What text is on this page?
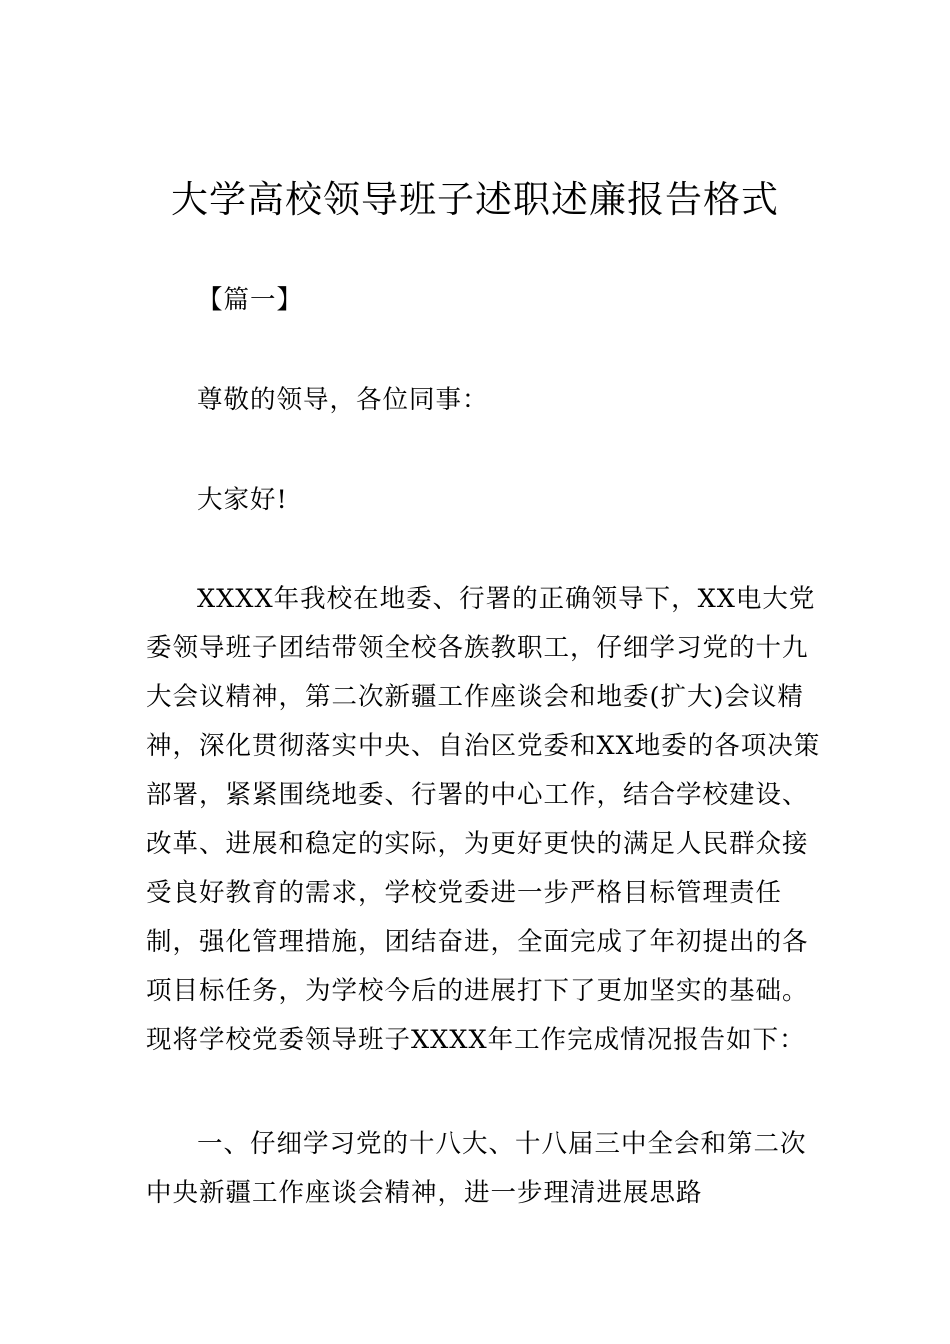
大学高校领导班子述职述廉报告格式

【篇一】

尊敬的领导，各位同事：

大家好!

XXXX年我校在地委、行署的正确领导下，XX电大党委领导班子团结带领全校各族教职工，仔细学习党的十九大会议精神，第二次新疆工作座谈会和地委(扩大)会议精神，深化贯彻落实中央、自治区党委和XX地委的各项决策部署，紧紧围绕地委、行署的中心工作，结合学校建设、改革、进展和稳定的实际，为更好更快的满足人民群众接受良好教育的需求，学校党委进一步严格目标管理责任制，强化管理措施，团结奋进，全面完成了年初提出的各项目标任务，为学校今后的进展打下了更加坚实的基础。现将学校党委领导班子XXXX年工作完成情况报告如下：

一、仔细学习党的十八大、十八届三中全会和第二次中央新疆工作座谈会精神，进一步理清进展思路
